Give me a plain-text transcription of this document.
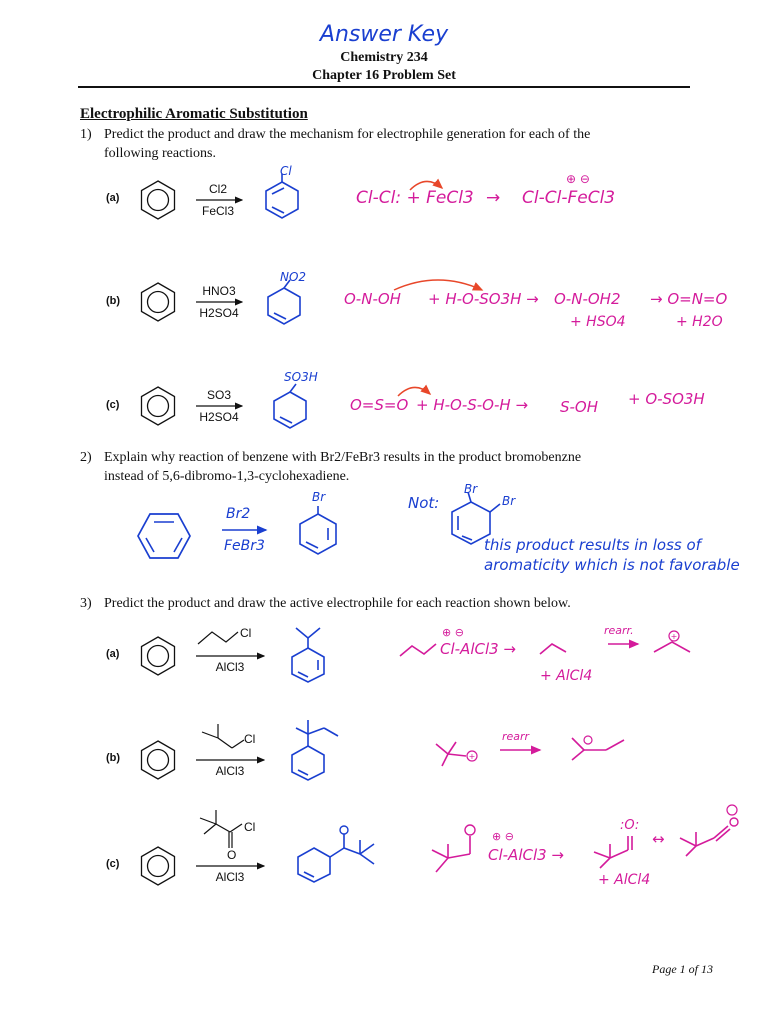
Answer Key
Chemistry 234
Chapter 16 Problem Set
Electrophilic Aromatic Substitution
1) Predict the product and draw the mechanism for electrophile generation for each of the
following reactions.
(a)
Cl2
FeCl3
Cl
Cl-Cl: + FeCl3 → Cl-Cl-FeCl3
⊕ ⊖
(b)
HNO3
H2SO4
NO2
O-N-OH + H-O-SO3H → O-N-OH2 → O=N=O
+ HSO4	+ H2O
(c)
SO3
H2SO4
SO3H
O=S=O + H-O-S-O-H → S-OH + O-SO3H
2) Explain why reaction of benzene with Br2/FeBr3 results in the product bromobenzne
instead of 5,6-dibromo-1,3-cyclohexadiene.
Br2
FeBr3
Br	Not:
Br
Br
this product results in loss of
aromaticity which is not favorable
3) Predict the product and draw the active electrophile for each reaction shown below.
(a)
Cl
AlCl3
Cl-AlCl3 →
⊕ ⊖	rearr.	+
+ AlCl4
(b)
Cl
AlCl3
+
rearr
(c)
Cl
O
AlCl3
Cl-AlCl3 →
⊕ ⊖
:O:
↔
+ AlCl4
Page 1 of 13
